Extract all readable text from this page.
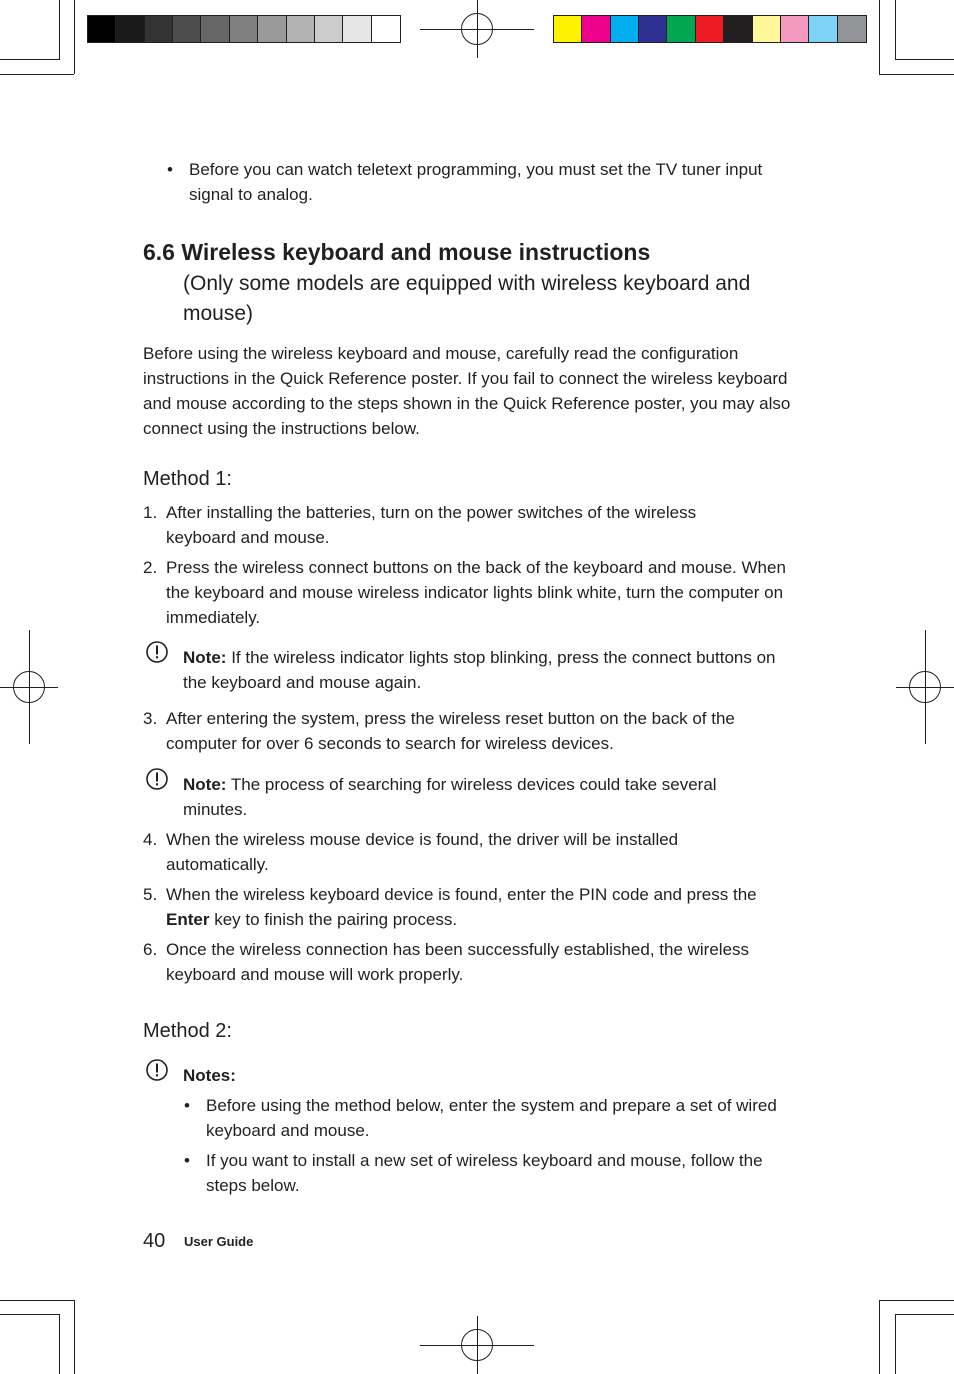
• Before you can watch teletext programming, you must set the TV tuner input signal to analog.
6.6 Wireless keyboard and mouse instructions
(Only some models are equipped with wireless keyboard and mouse)
Before using the wireless keyboard and mouse, carefully read the configuration instructions in the Quick Reference poster. If you fail to connect the wireless keyboard and mouse according to the steps shown in the Quick Reference poster, you may also connect using the instructions below.
Method 1:
1. After installing the batteries, turn on the power switches of the wireless keyboard and mouse.
2. Press the wireless connect buttons on the back of the keyboard and mouse. When the keyboard and mouse wireless indicator lights blink white, turn the computer on immediately.
Note: If the wireless indicator lights stop blinking, press the connect buttons on the keyboard and mouse again.
3. After entering the system, press the wireless reset button on the back of the computer for over 6 seconds to search for wireless devices.
Note: The process of searching for wireless devices could take several minutes.
4. When the wireless mouse device is found, the driver will be installed automatically.
5. When the wireless keyboard device is found, enter the PIN code and press the Enter key to finish the pairing process.
6. Once the wireless connection has been successfully established, the wireless keyboard and mouse will work properly.
Method 2:
Notes:
• Before using the method below, enter the system and prepare a set of wired keyboard and mouse.
• If you want to install a new set of wireless keyboard and mouse, follow the steps below.
40 User Guide
